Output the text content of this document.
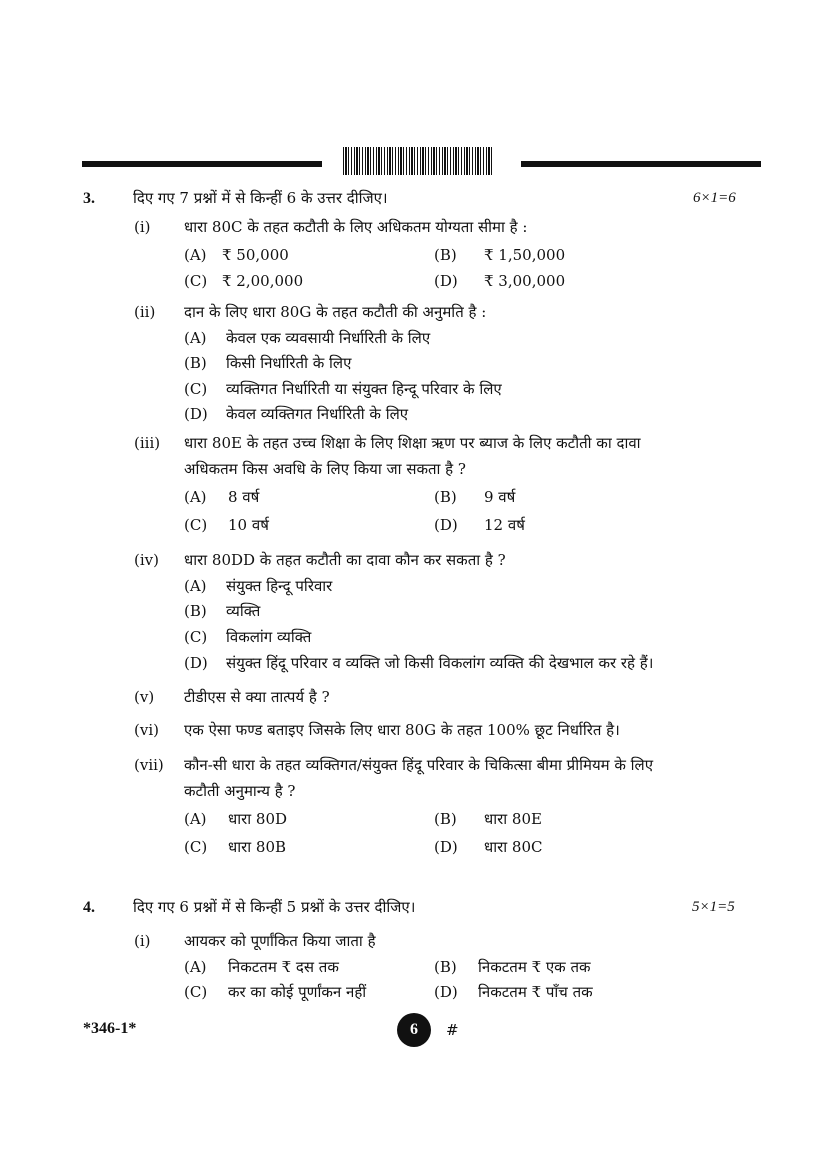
3.	दिए गए 7 प्रश्नों में से किन्हीं 6 के उत्तर दीजिए।	6×1=6
(i) धारा 80C के तहत कटौती के लिए अधिकतम योग्यता सीमा है :
(A) ₹ 50,000	(B) ₹ 1,50,000
(C) ₹ 2,00,000	(D) ₹ 3,00,000
(ii) दान के लिए धारा 80G के तहत कटौती की अनुमति है :
(A) केवल एक व्यवसायी निर्धारिती के लिए
(B) किसी निर्धारिती के लिए
(C) व्यक्तिगत निर्धारिती या संयुक्त हिन्दू परिवार के लिए
(D) केवल व्यक्तिगत निर्धारिती के लिए
(iii) धारा 80E के तहत उच्च शिक्षा के लिए शिक्षा ऋण पर ब्याज के लिए कटौती का दावा
अधिकतम किस अवधि के लिए किया जा सकता है ?
(A) 8 वर्ष	(B) 9 वर्ष
(C) 10 वर्ष	(D) 12 वर्ष
(iv) धारा 80DD के तहत कटौती का दावा कौन कर सकता है ?
(A) संयुक्त हिन्दू परिवार
(B) व्यक्ति
(C) विकलांग व्यक्ति
(D) संयुक्त हिंदू परिवार व व्यक्ति जो किसी विकलांग व्यक्ति की देखभाल कर रहे हैं।
(v) टीडीएस से क्या तात्पर्य है ?
(vi) एक ऐसा फण्ड बताइए जिसके लिए धारा 80G के तहत 100% छूट निर्धारित है।
(vii) कौन-सी धारा के तहत व्यक्तिगत/संयुक्त हिंदू परिवार के चिकित्सा बीमा प्रीमियम के लिए
कटौती अनुमान्य है ?
(A) धारा 80D	(B) धारा 80E
(C) धारा 80B	(D) धारा 80C
4.	दिए गए 6 प्रश्नों में से किन्हीं 5 प्रश्नों के उत्तर दीजिए।	5×1=5
(i) आयकर को पूर्णांकित किया जाता है
(A) निकटतम ₹ दस तक	(B) निकटतम ₹ एक तक
(C) कर का कोई पूर्णांकन नहीं	(D) निकटतम ₹ पाँच तक
*346-1*	6	#
